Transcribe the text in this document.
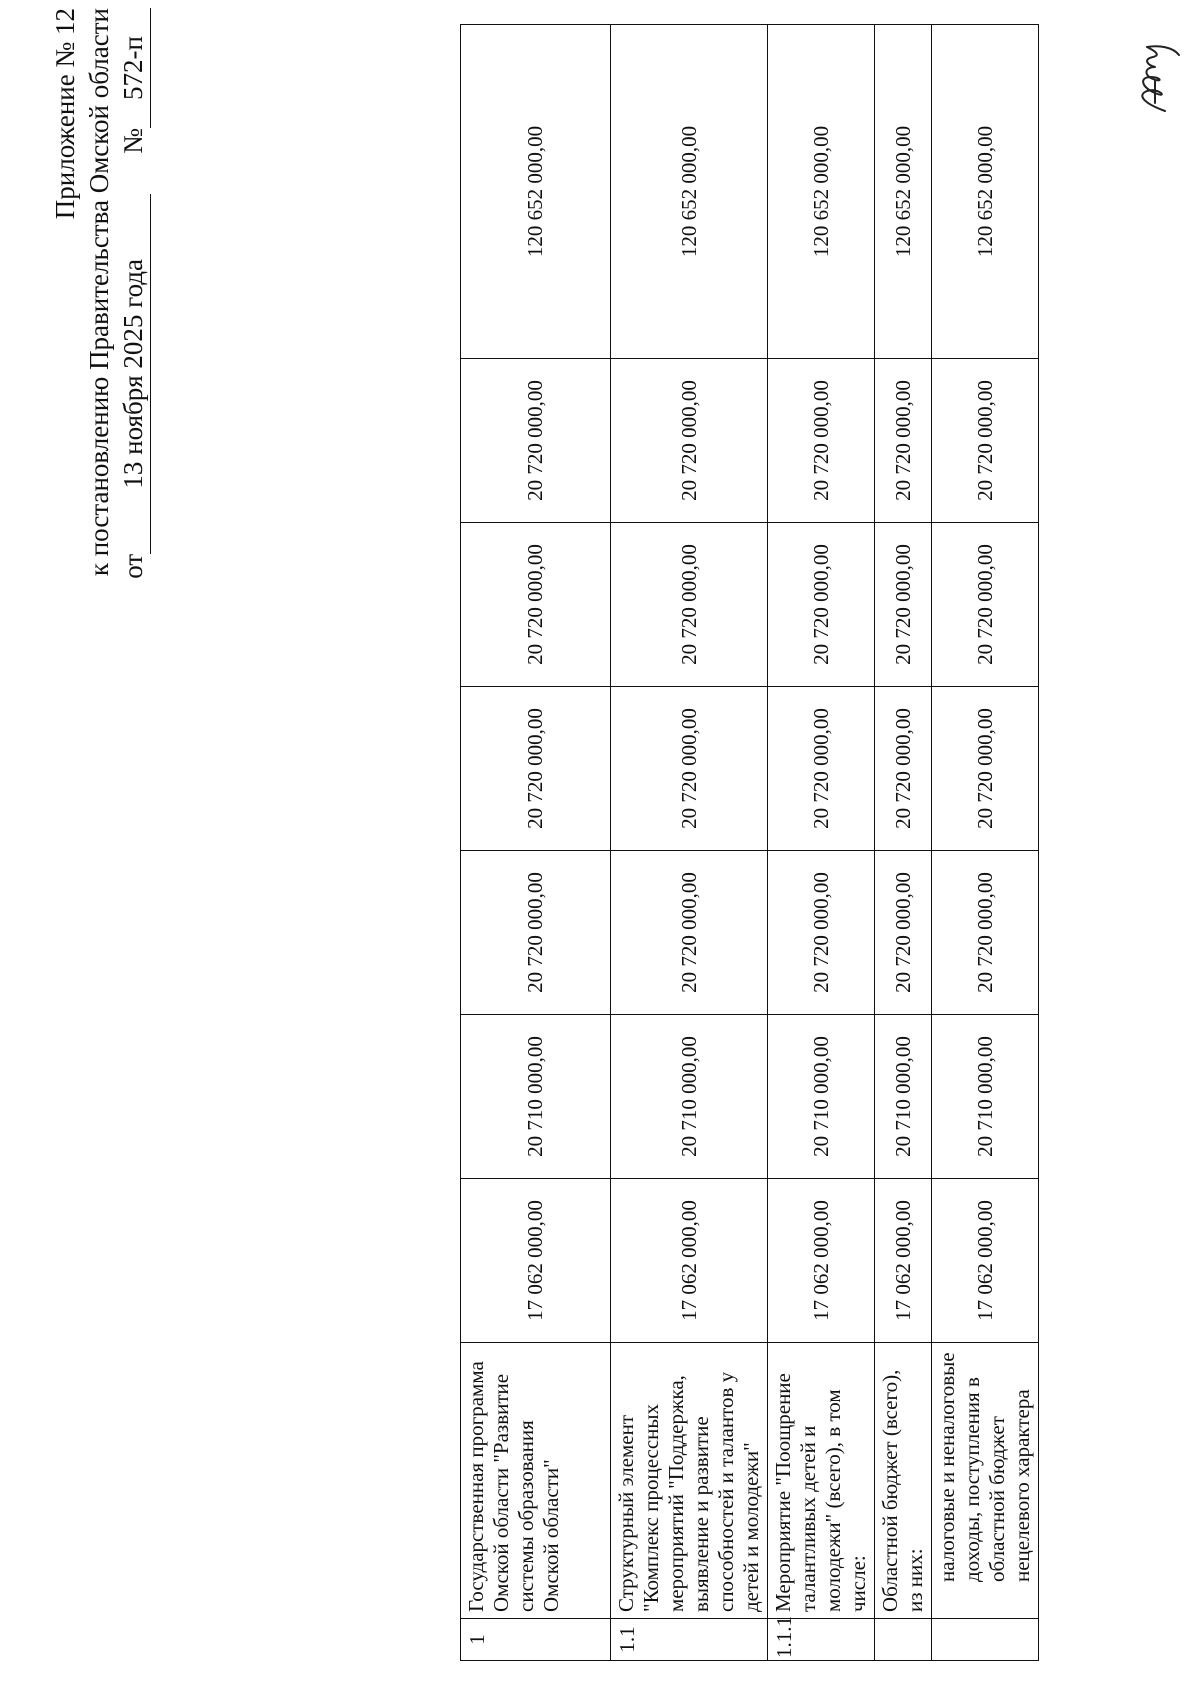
Приложение № 12 к постановлению Правительства Омской области от
13 ноября 2025 года
№
572-п
1	Государственная программа Омской области "Развитие системы образования Омской области"	17 062 000,00	20 710 000,00	20 720 000,00	20 720 000,00	20 720 000,00	20 720 000,00	120 652 000,00
1.1	Структурный элемент "Комплекс процессных мероприятий "Поддержка, выявление и развитие способностей и талантов у детей и молодежи"	17 062 000,00	20 710 000,00	20 720 000,00	20 720 000,00	20 720 000,00	20 720 000,00	120 652 000,00
1.1.1	Мероприятие "Поощрение талантливых детей и молодежи" (всего), в том числе:	17 062 000,00	20 710 000,00	20 720 000,00	20 720 000,00	20 720 000,00	20 720 000,00	120 652 000,00
	Областной бюджет (всего), из них:	17 062 000,00	20 710 000,00	20 720 000,00	20 720 000,00	20 720 000,00	20 720 000,00	120 652 000,00
	налоговые и неналоговые доходы, поступления в областной бюджет нецелевого характера	17 062 000,00	20 710 000,00	20 720 000,00	20 720 000,00	20 720 000,00	20 720 000,00	120 652 000,00
